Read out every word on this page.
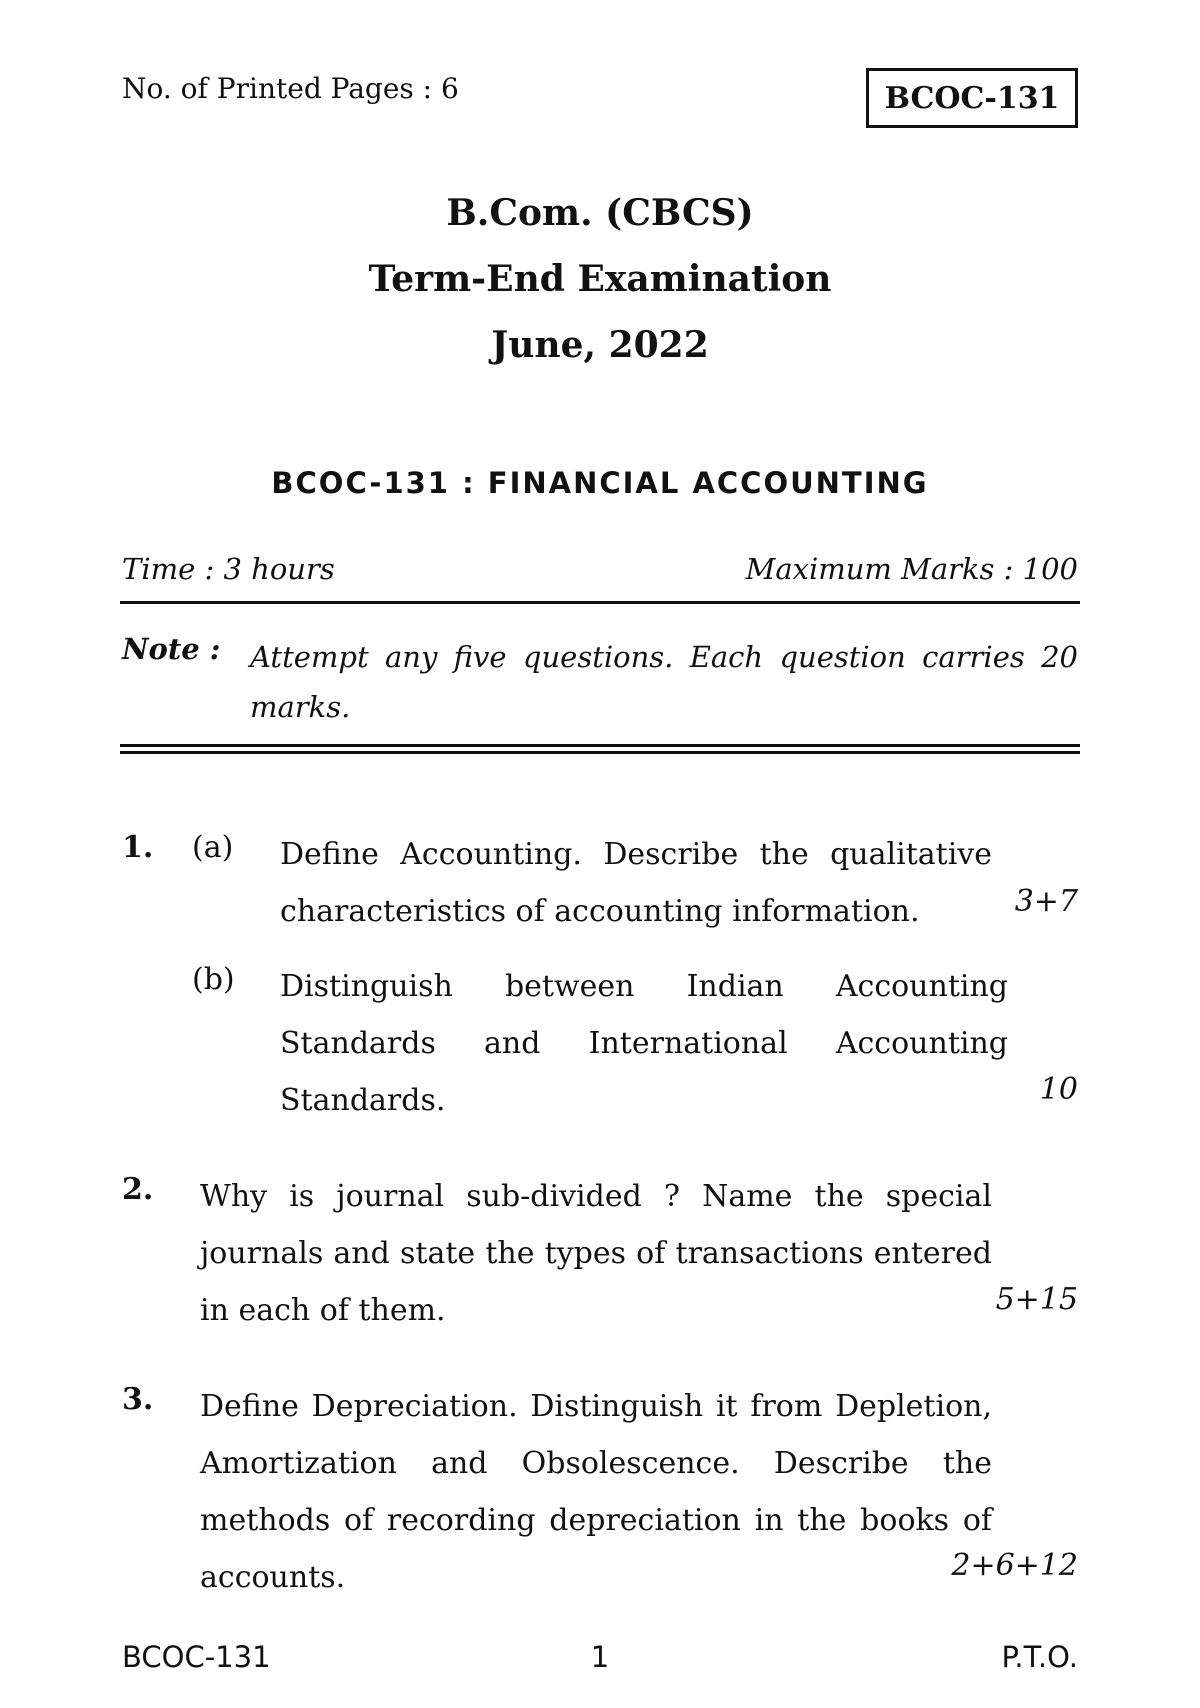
No. of Printed Pages : 6	BCOC-131
B.Com. (CBCS)
Term-End Examination
June, 2022
BCOC-131 : FINANCIAL ACCOUNTING
Time : 3 hours	Maximum Marks : 100
Note : Attempt any five questions. Each question carries 20 marks.
1. (a) Define Accounting. Describe the qualitative characteristics of accounting information.	3+7
(b) Distinguish between Indian Accounting Standards and International Accounting Standards.	10
2. Why is journal sub-divided ? Name the special journals and state the types of transactions entered in each of them.	5+15
3. Define Depreciation. Distinguish it from Depletion, Amortization and Obsolescence. Describe the methods of recording depreciation in the books of accounts.	2+6+12
BCOC-131	1	P.T.O.
